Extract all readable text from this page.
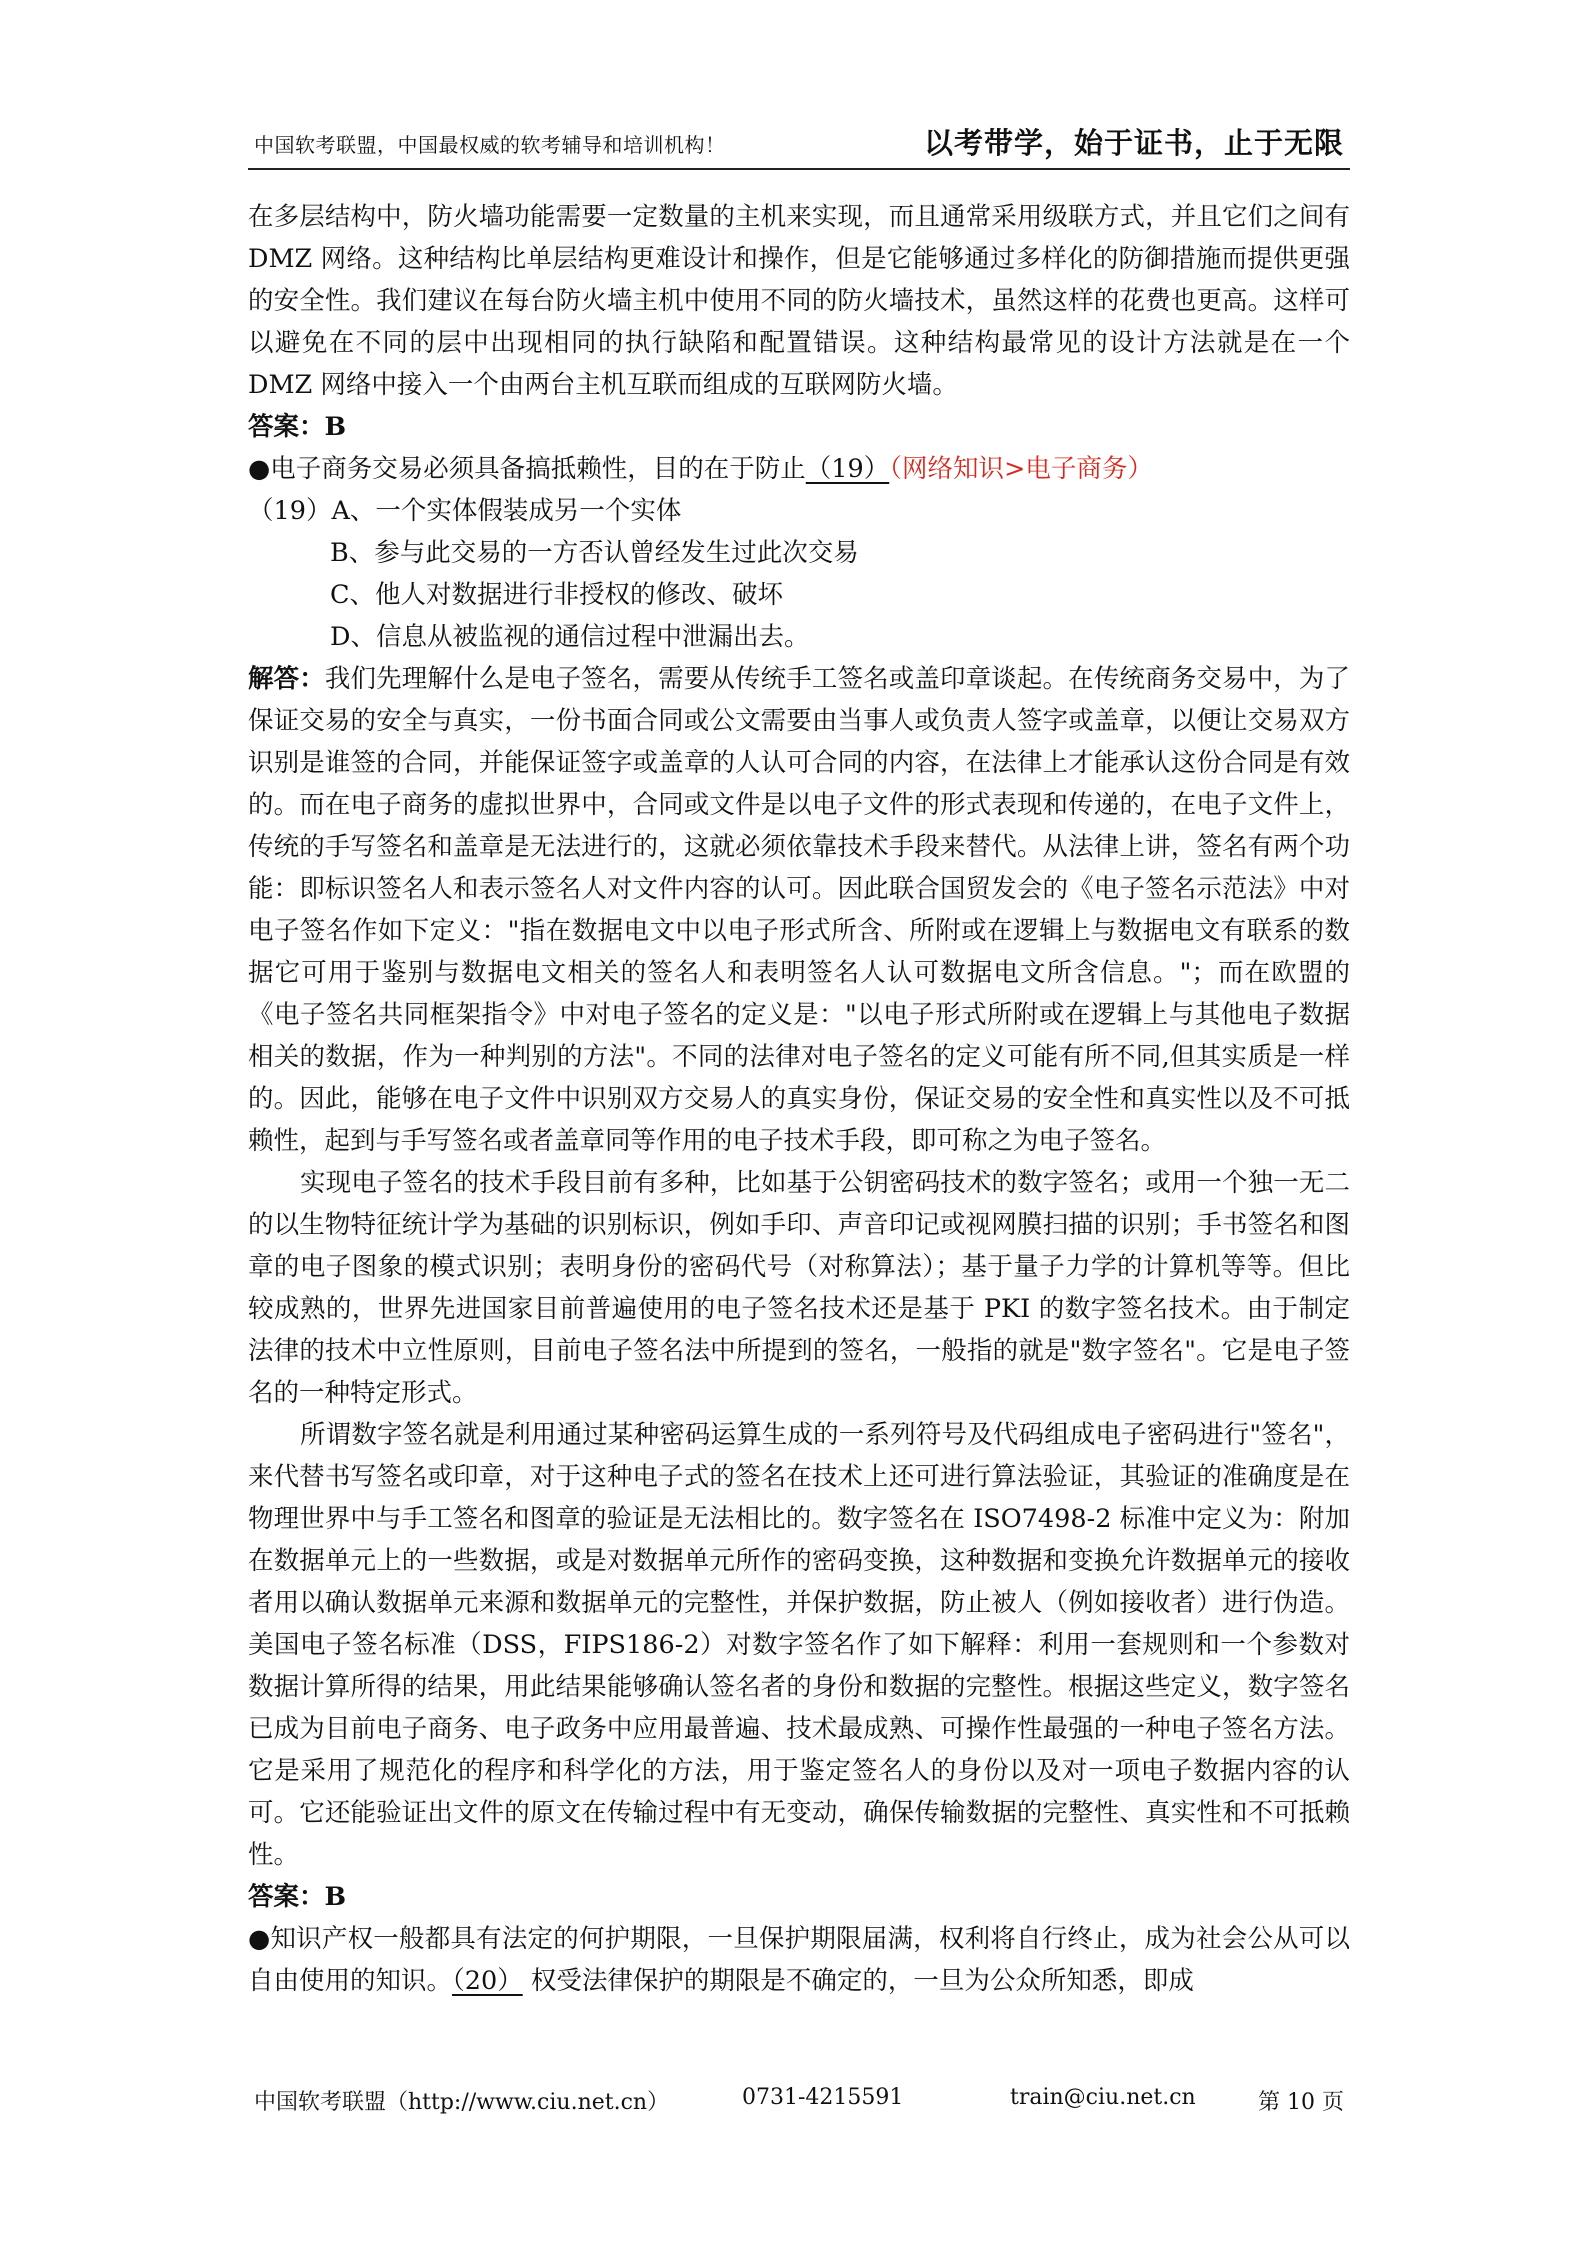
中国软考联盟，中国最权威的软考辅导和培训机构！	以考带学，始于证书，止于无限

在多层结构中，防火墙功能需要一定数量的主机来实现，而且通常采用级联方式，并且它们之间有 DMZ 网络。这种结构比单层结构更难设计和操作，但是它能够通过多样化的防御措施而提供更强的安全性。我们建议在每台防火墙主机中使用不同的防火墙技术，虽然这样的花费也更高。这样可以避免在不同的层中出现相同的执行缺陷和配置错误。这种结构最常见的设计方法就是在一个 DMZ 网络中接入一个由两台主机互联而组成的互联网防火墙。

答案：B

●电子商务交易必须具备搞抵赖性，目的在于防止（19）（网络知识>电子商务）

（19）A、一个实体假装成另一个实体

B、参与此交易的一方否认曾经发生过此次交易

C、他人对数据进行非授权的修改、破坏

D、信息从被监视的通信过程中泄漏出去。

解答：我们先理解什么是电子签名，需要从传统手工签名或盖印章谈起。在传统商务交易中，为了保证交易的安全与真实，一份书面合同或公文需要由当事人或负责人签字或盖章，以便让交易双方识别是谁签的合同，并能保证签字或盖章的人认可合同的内容，在法律上才能承认这份合同是有效的。而在电子商务的虚拟世界中，合同或文件是以电子文件的形式表现和传递的，在电子文件上，传统的手写签名和盖章是无法进行的，这就必须依靠技术手段来替代。从法律上讲，签名有两个功能：即标识签名人和表示签名人对文件内容的认可。因此联合国贸发会的《电子签名示范法》中对电子签名作如下定义："指在数据电文中以电子形式所含、所附或在逻辑上与数据电文有联系的数据它可用于鉴别与数据电文相关的签名人和表明签名人认可数据电文所含信息。"；而在欧盟的《电子签名共同框架指令》中对电子签名的定义是："以电子形式所附或在逻辑上与其他电子数据相关的数据，作为一种判别的方法"。不同的法律对电子签名的定义可能有所不同,但其实质是一样的。因此，能够在电子文件中识别双方交易人的真实身份，保证交易的安全性和真实性以及不可抵赖性，起到与手写签名或者盖章同等作用的电子技术手段，即可称之为电子签名。

实现电子签名的技术手段目前有多种，比如基于公钥密码技术的数字签名；或用一个独一无二的以生物特征统计学为基础的识别标识，例如手印、声音印记或视网膜扫描的识别；手书签名和图章的电子图象的模式识别；表明身份的密码代号（对称算法）；基于量子力学的计算机等等。但比较成熟的，世界先进国家目前普遍使用的电子签名技术还是基于 PKI 的数字签名技术。由于制定法律的技术中立性原则，目前电子签名法中所提到的签名，一般指的就是"数字签名"。它是电子签名的一种特定形式。

所谓数字签名就是利用通过某种密码运算生成的一系列符号及代码组成电子密码进行"签名"，来代替书写签名或印章，对于这种电子式的签名在技术上还可进行算法验证，其验证的准确度是在物理世界中与手工签名和图章的验证是无法相比的。数字签名在 ISO7498-2 标准中定义为：附加在数据单元上的一些数据，或是对数据单元所作的密码变换，这种数据和变换允许数据单元的接收者用以确认数据单元来源和数据单元的完整性，并保护数据，防止被人（例如接收者）进行伪造。美国电子签名标准（DSS，FIPS186-2）对数字签名作了如下解释：利用一套规则和一个参数对数据计算所得的结果，用此结果能够确认签名者的身份和数据的完整性。根据这些定义，数字签名已成为目前电子商务、电子政务中应用最普遍、技术最成熟、可操作性最强的一种电子签名方法。它是采用了规范化的程序和科学化的方法，用于鉴定签名人的身份以及对一项电子数据内容的认可。它还能验证出文件的原文在传输过程中有无变动，确保传输数据的完整性、真实性和不可抵赖性。

答案：B

●知识产权一般都具有法定的何护期限，一旦保护期限届满，权利将自行终止，成为社会公从可以自由使用的知识。（20） 权受法律保护的期限是不确定的，一旦为公众所知悉，即成

中国软考联盟（http://www.ciu.net.cn）	0731-4215591	train@ciu.net.cn	第 10 页
